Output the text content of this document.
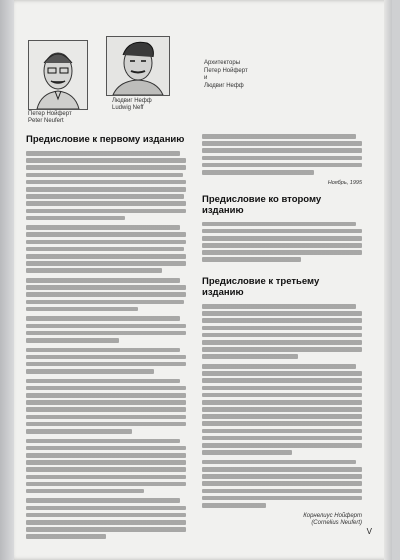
Петер Нойферт
Peter Neufert
Людвиг Нефф
Ludwig Neff
Архитекторы
Петер Нойферт
и
Людвиг Нефф
Предисловие к первому изданию
Ноябрь, 1995
Предисловие ко второму изданию
Предисловие к третьему изданию
Корнелиус Нойферт
(Cornelius Neufert)
V
